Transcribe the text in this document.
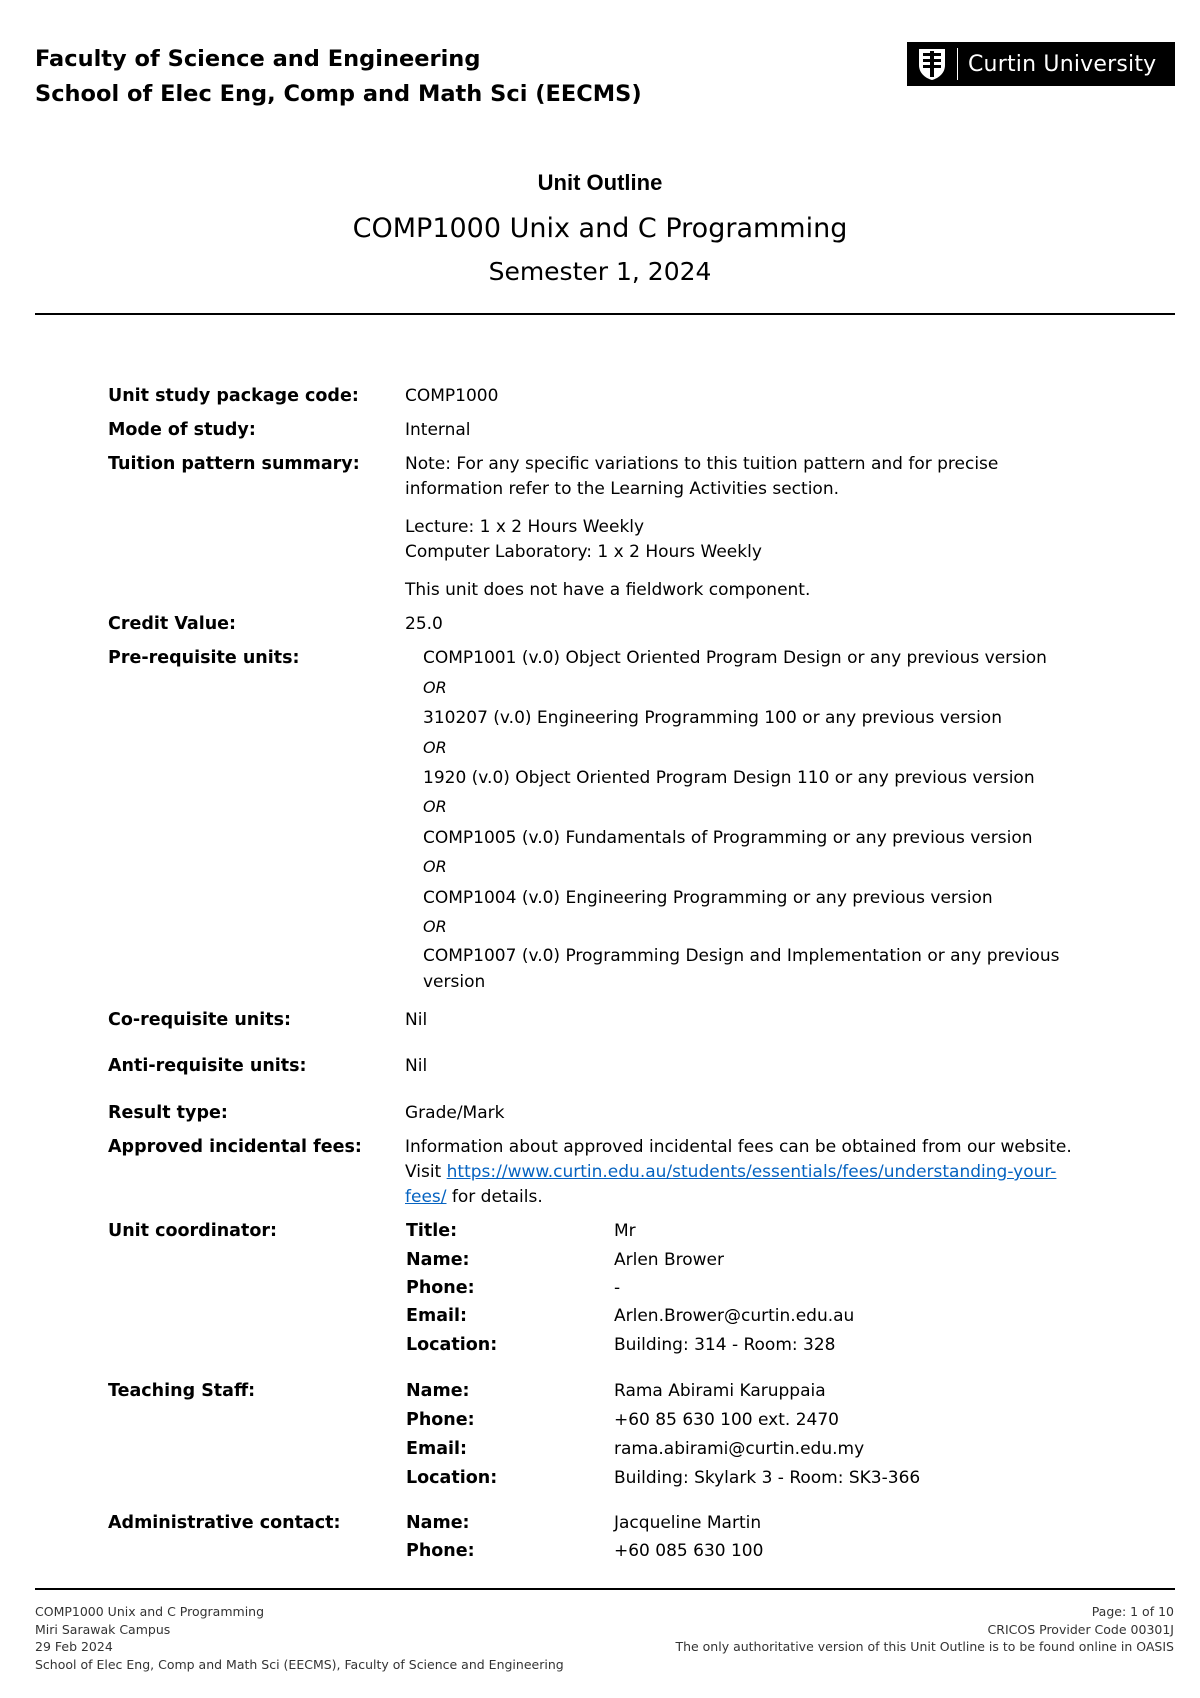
Faculty of Science and Engineering
School of Elec Eng, Comp and Math Sci (EECMS)
Curtin University
Unit Outline
COMP1000 Unix and C Programming
Semester 1, 2024
Unit study package code:	COMP1000
Mode of study:	Internal
Tuition pattern summary:	Note: For any specific variations to this tuition pattern and for precise
information refer to the Learning Activities section.
Lecture: 1 x 2 Hours Weekly
Computer Laboratory: 1 x 2 Hours Weekly
This unit does not have a fieldwork component.
Credit Value:	25.0
Pre-requisite units:	COMP1001 (v.0) Object Oriented Program Design or any previous version
OR
310207 (v.0) Engineering Programming 100 or any previous version
OR
1920 (v.0) Object Oriented Program Design 110 or any previous version
OR
COMP1005 (v.0) Fundamentals of Programming or any previous version
OR
COMP1004 (v.0) Engineering Programming or any previous version
OR
COMP1007 (v.0) Programming Design and Implementation or any previous
version
Co-requisite units:	Nil
Anti-requisite units:	Nil
Result type:	Grade/Mark
Approved incidental fees:	Information about approved incidental fees can be obtained from our website.
Visit https://www.curtin.edu.au/students/essentials/fees/understanding-your-
fees/ for details.
Unit coordinator:	Title:	Mr
Name:	Arlen Brower
Phone:	-
Email:	Arlen.Brower@curtin.edu.au
Location:	Building: 314 - Room: 328
Teaching Staff:	Name:	Rama Abirami Karuppaia
Phone:	+60 85 630 100 ext. 2470
Email:	rama.abirami@curtin.edu.my
Location:	Building: Skylark 3 - Room: SK3-366
Administrative contact:	Name:	Jacqueline Martin
Phone:	+60 085 630 100
COMP1000 Unix and C Programming
Miri Sarawak Campus
29 Feb 2024
School of Elec Eng, Comp and Math Sci (EECMS), Faculty of Science and Engineering
Page: 1 of 10
CRICOS Provider Code 00301J
The only authoritative version of this Unit Outline is to be found online in OASIS
